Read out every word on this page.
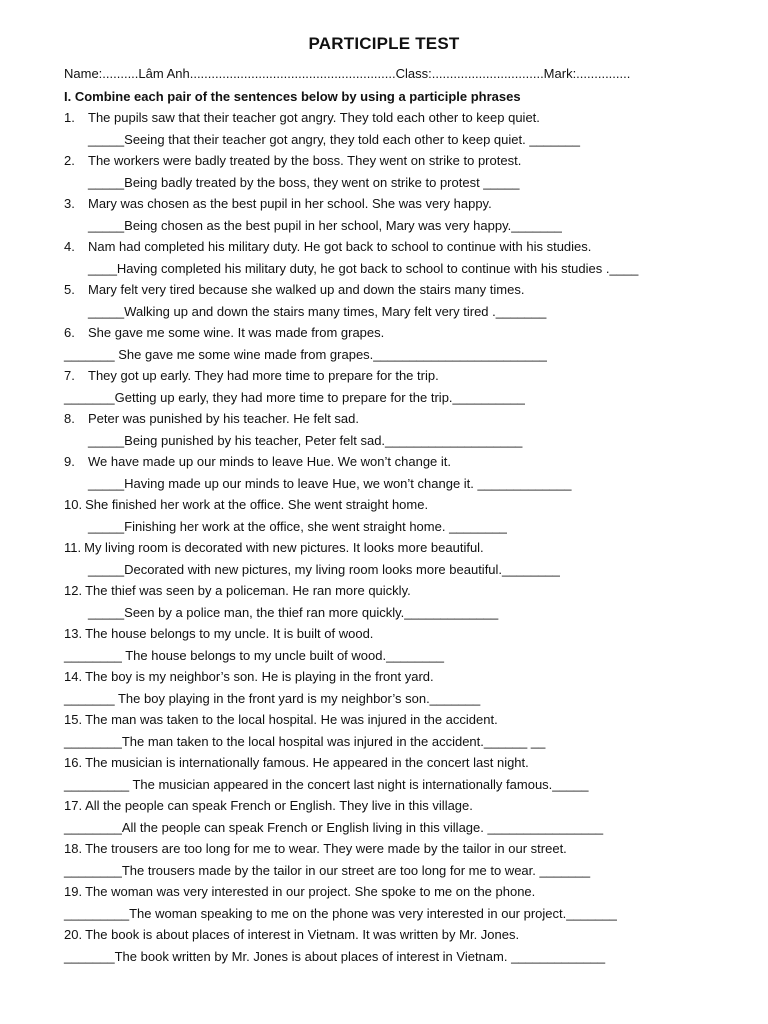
PARTICIPLE TEST
Name:..........Lâm Anh.........................................................Class:...............................Mark:...............
I. Combine each pair of the sentences below by using a participle phrases
1. The pupils saw that their teacher got angry. They told each other to keep quiet.
_____Seeing that their teacher got angry, they told each other to keep quiet. _______
2. The workers were badly treated by the boss. They went on strike to protest.
_____Being badly treated by the boss, they went on strike to protest _____
3. Mary was chosen as the best pupil in her school. She was very happy.
_____Being chosen as the best pupil in her school, Mary was very happy._______
4. Nam had completed his military duty. He got back to school to continue with his studies.
____Having completed his military duty, he got back to school to continue with his studies .____
5. Mary felt very tired because she walked up and down the stairs many times.
_____Walking up and down the stairs many times, Mary felt very tired ._______
6. She gave me some wine. It was made from grapes.
_______ She gave me some wine made from grapes.________________________
7. They got up early. They had more time to prepare for the trip.
_______Getting up early, they had more time to prepare for the trip.__________
8. Peter was punished by his teacher. He felt sad.
_____Being punished by his teacher, Peter felt sad.___________________
9. We have made up our minds to leave Hue. We won’t change it.
_____Having made up our minds to leave Hue, we won’t change it. _____________
10. She finished her work at the office. She went straight home.
_____Finishing her work at the office, she went straight home. ________
11. My living room is decorated with new pictures. It looks more beautiful.
_____Decorated with new pictures, my living room looks more beautiful.________
12. The thief was seen by a policeman. He ran more quickly.
_____Seen by a police man, the thief ran more quickly._____________
13. The house belongs to my uncle. It is built of wood.
________ The house belongs to my uncle built of wood.________
14. The boy is my neighbor’s son. He is playing in the front yard.
_______ The boy playing in the front yard is my neighbor’s son._______
15. The man was taken to the local hospital. He was injured in the accident.
________The man taken to the local hospital was injured in the accident.______ __
16. The musician is internationally famous. He appeared in the concert last night.
_________ The musician appeared in the concert last night is internationally famous._____
17. All the people can speak French or English. They live in this village.
________All the people can speak French or English living in this village. ________________
18. The trousers are too long for me to wear. They were made by the tailor in our street.
________The trousers made by the tailor in our street are too long for me to wear. _______
19. The woman was very interested in our project. She spoke to me on the phone.
_________The woman speaking to me on the phone was very interested in our project._______
20. The book is about places of interest in Vietnam. It was written by Mr. Jones.
_______The book written by Mr. Jones is about places of interest in Vietnam. _____________
